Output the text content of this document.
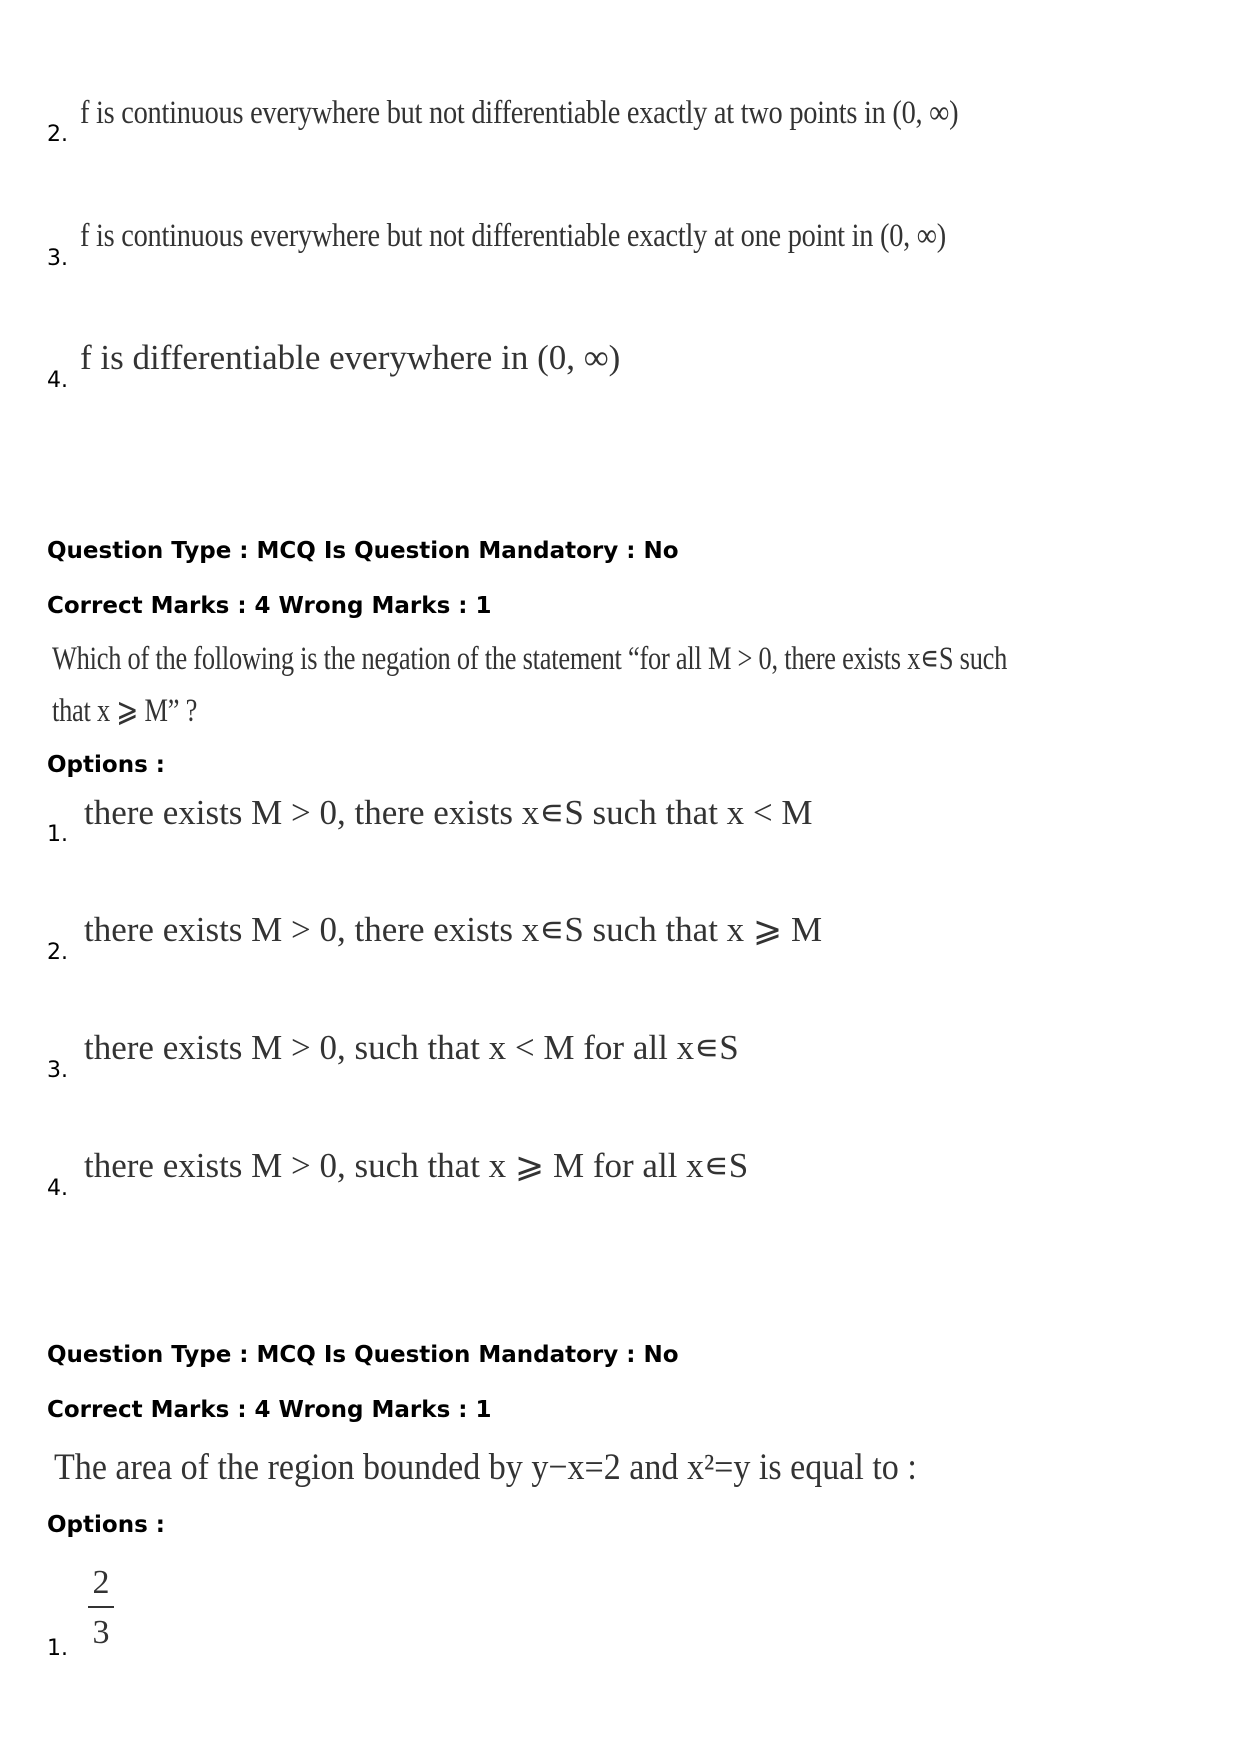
2.
f is continuous everywhere but not differentiable exactly at two points in (0, ∞)
3.
f is continuous everywhere but not differentiable exactly at one point in (0, ∞)
4.
f is differentiable everywhere in (0, ∞)
Question Type : MCQ Is Question Mandatory : No
Correct Marks : 4 Wrong Marks : 1
Which of the following is the negation of the statement “for all M > 0, there exists x∊S such
that x ⩾ M” ?
Options :
1.
there exists M > 0, there exists x∊S such that x < M
2.
there exists M > 0, there exists x∊S such that x ⩾ M
3.
there exists M > 0, such that x < M for all x∊S
4.
there exists M > 0, such that x ⩾ M for all x∊S
Question Type : MCQ Is Question Mandatory : No
Correct Marks : 4 Wrong Marks : 1
The area of the region bounded by y−x=2 and x²=y is equal to :
Options :
1. $\frac{2}{3}$
